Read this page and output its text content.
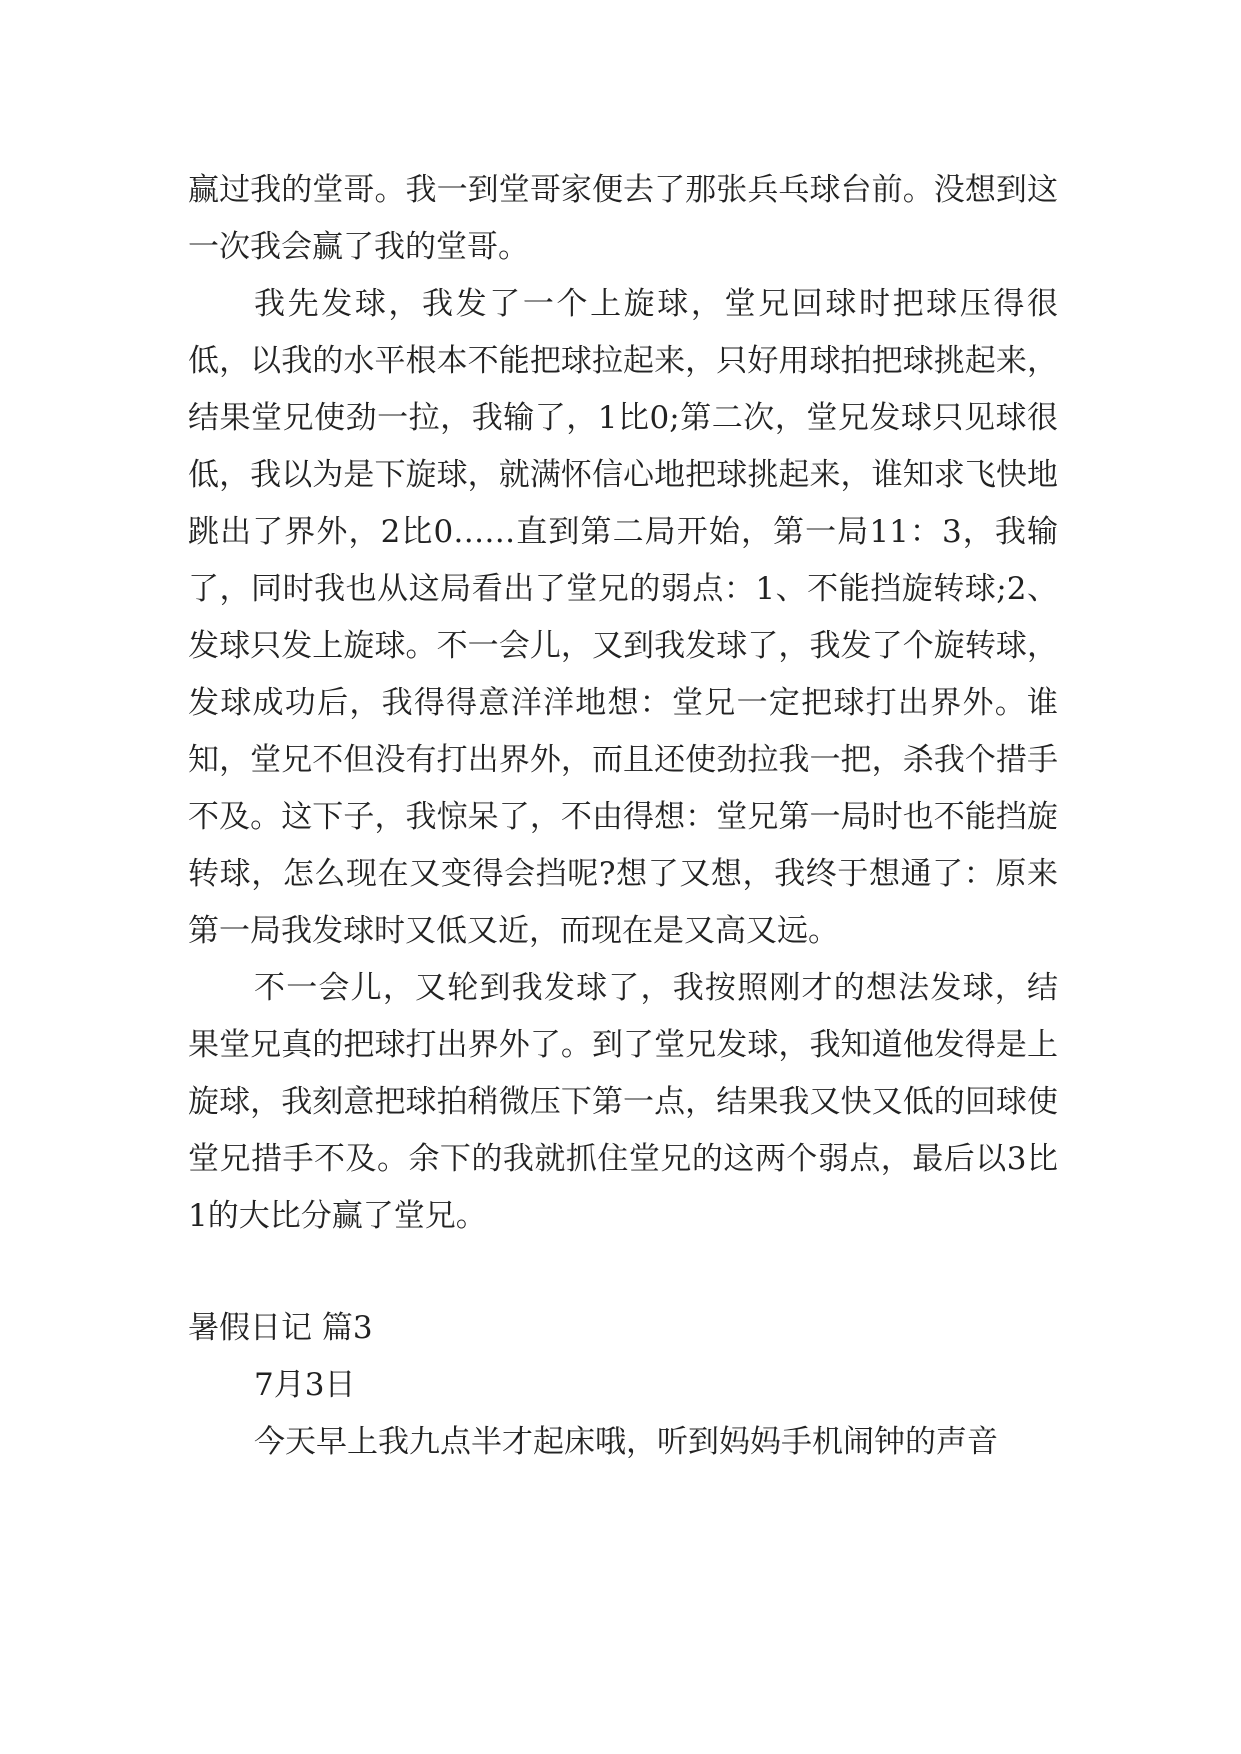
赢过我的堂哥。我一到堂哥家便去了那张兵乓球台前。没想到这一次我会赢了我的堂哥。

我先发球，我发了一个上旋球，堂兄回球时把球压得很低，以我的水平根本不能把球拉起来，只好用球拍把球挑起来，结果堂兄使劲一拉，我输了，1比0;第二次，堂兄发球只见球很低，我以为是下旋球，就满怀信心地把球挑起来，谁知求飞快地跳出了界外，2比0……直到第二局开始，第一局11：3，我输了，同时我也从这局看出了堂兄的弱点：1、不能挡旋转球;2、发球只发上旋球。不一会儿，又到我发球了，我发了个旋转球，发球成功后，我得得意洋洋地想：堂兄一定把球打出界外。谁知，堂兄不但没有打出界外，而且还使劲拉我一把，杀我个措手不及。这下子，我惊呆了，不由得想：堂兄第一局时也不能挡旋转球，怎么现在又变得会挡呢?想了又想，我终于想通了：原来第一局我发球时又低又近，而现在是又高又远。

不一会儿，又轮到我发球了，我按照刚才的想法发球，结果堂兄真的把球打出界外了。到了堂兄发球，我知道他发得是上旋球，我刻意把球拍稍微压下第一点，结果我又快又低的回球使堂兄措手不及。余下的我就抓住堂兄的这两个弱点，最后以3比1的大比分赢了堂兄。

暑假日记 篇3

7月3日

今天早上我九点半才起床哦，听到妈妈手机闹钟的声音
